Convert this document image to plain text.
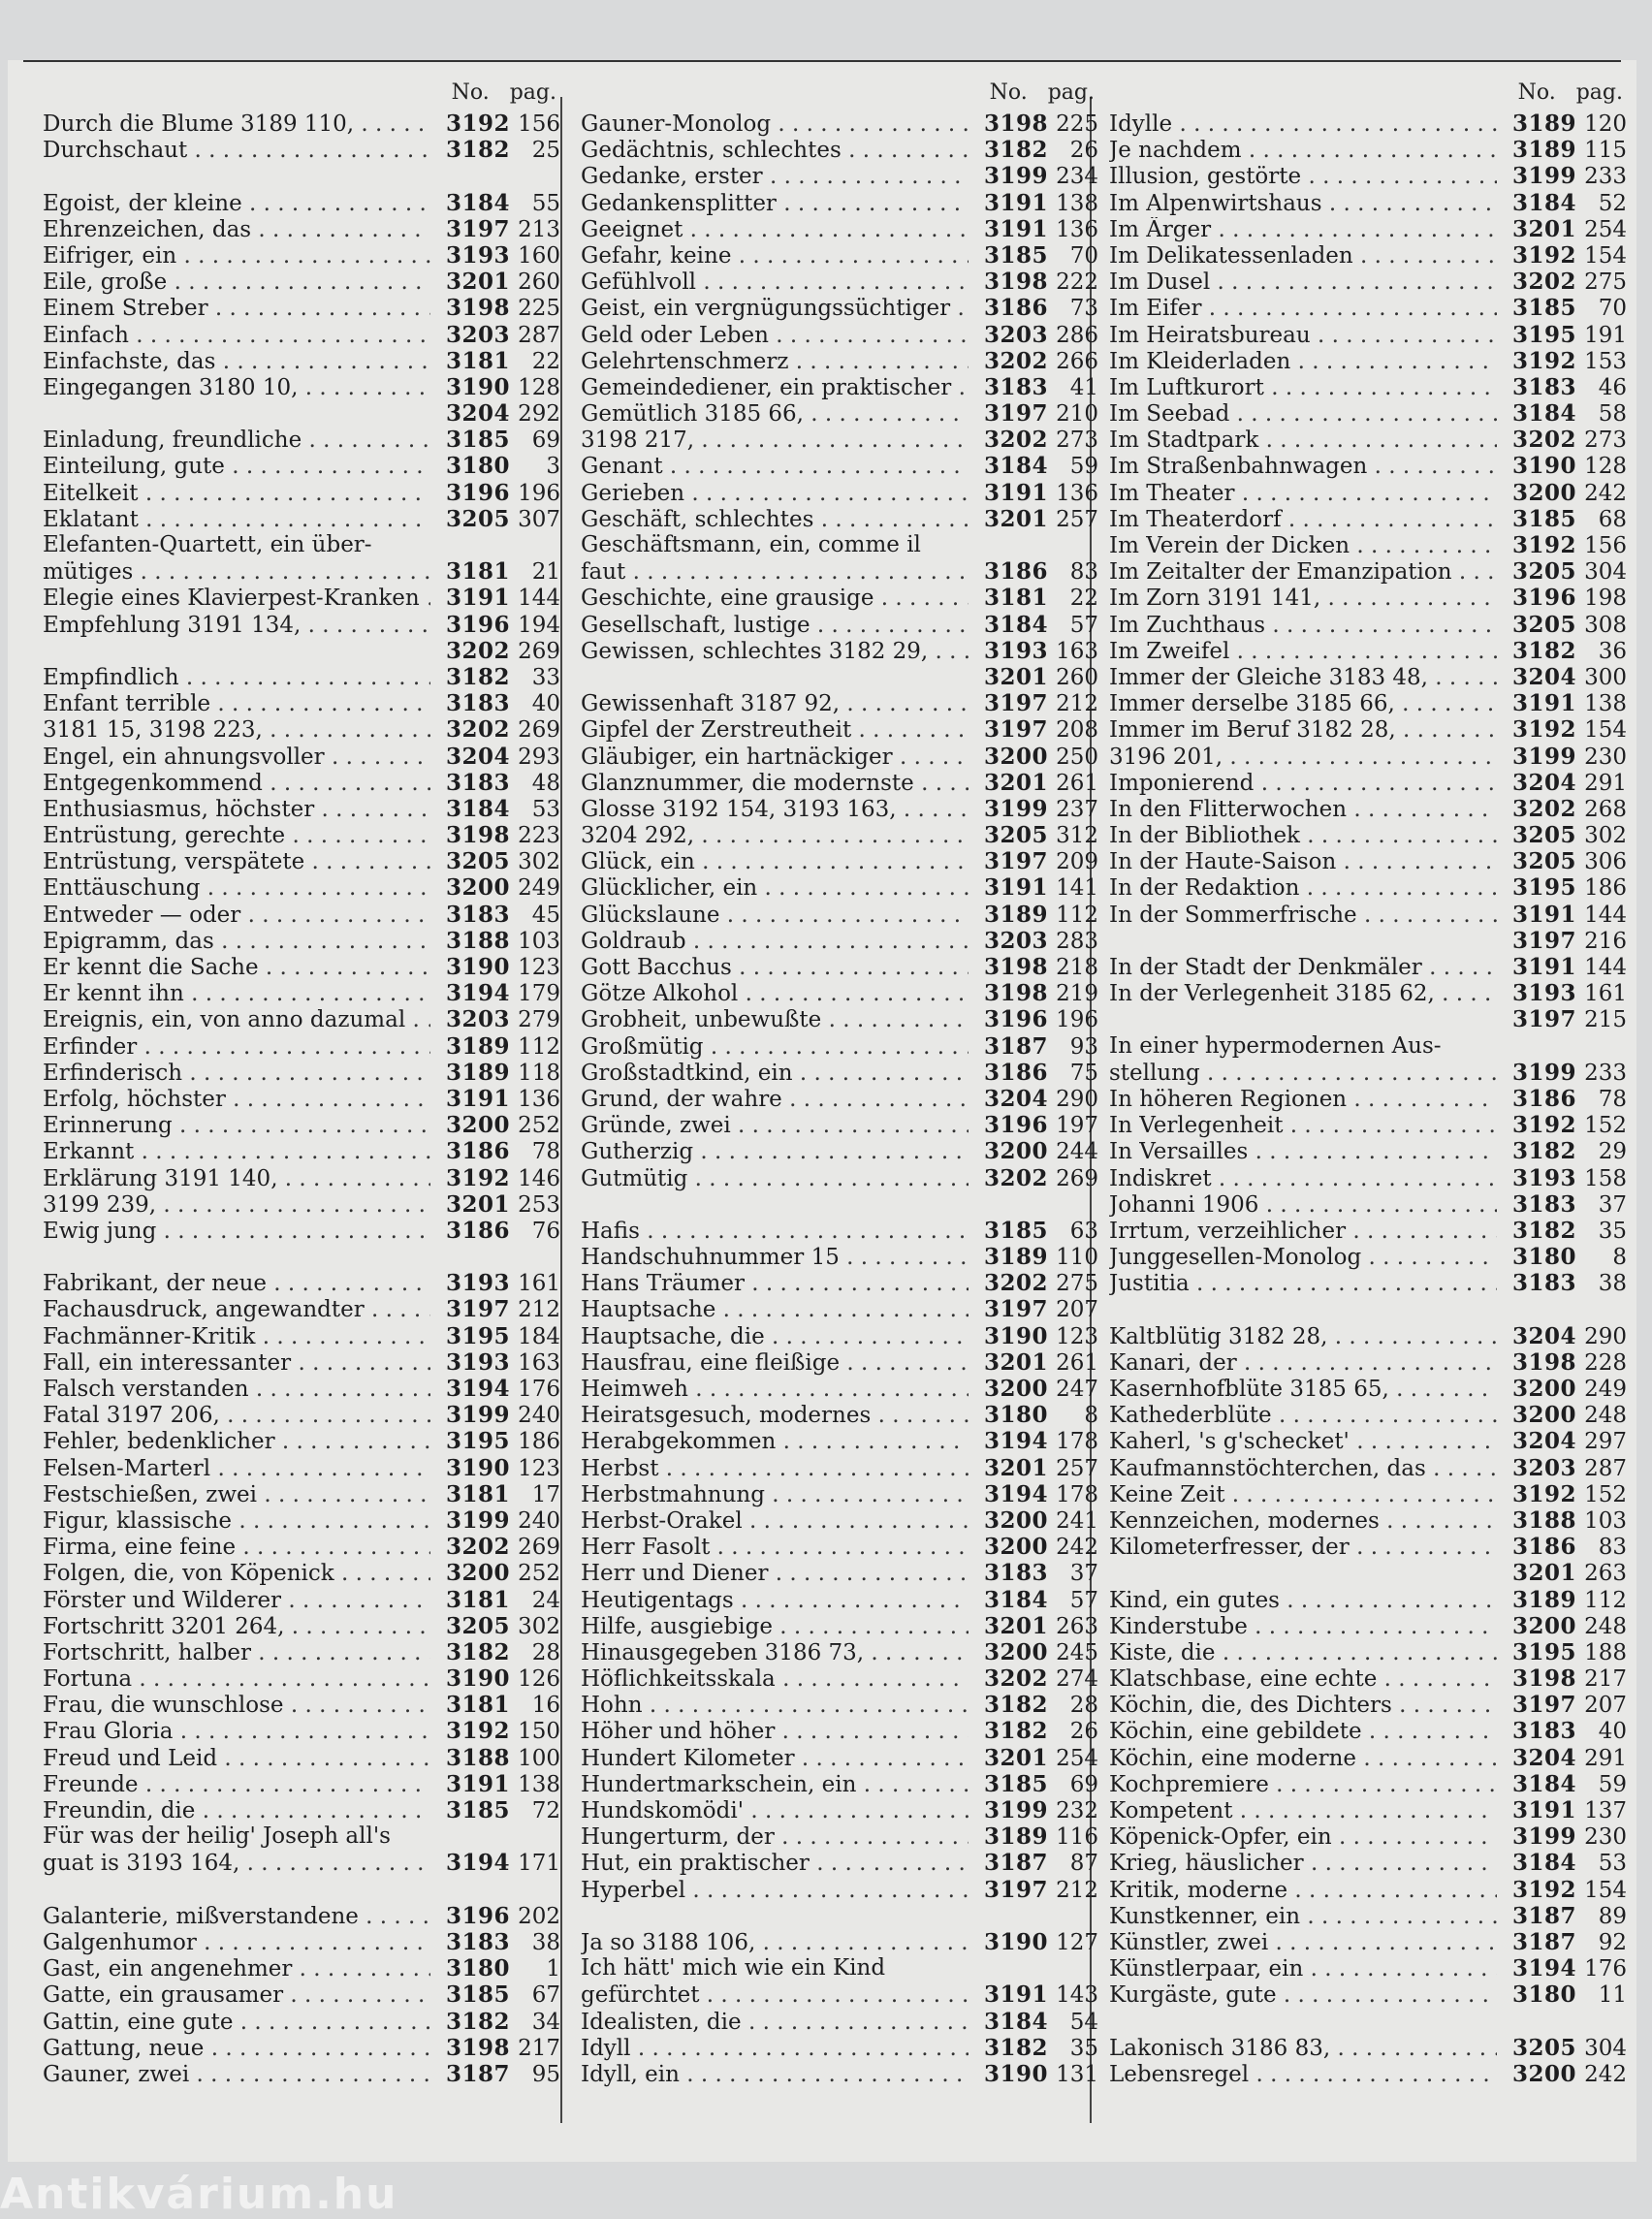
No. pag.
Durch die Blume 3189 110, . . .	3192 156
Durchschaut . . .	3182 25
Egoist, der kleine . . .	3184 55
Ehrenzeichen, das . . .	3197 213
Eifriger, ein . . .	3193 160
Eile, große . . .	3201 260
Einem Streber . . .	3198 225
Einfach . . .	3203 287
Einfachste, das . . .	3181 22
Eingegangen 3180 10, . . .	3190 128
3204 292
Einladung, freundliche . . .	3185 69
Einteilung, gute . . .	3180	3
Eitelkeit . . .	3196 196
Eklatant . . .	3205 307
Elefanten-Quartett, ein über-
mütiges . . .	3181 21
Elegie eines Klavierpest-Kranken . . .	3191 144
Empfehlung 3191 134, . . .	3196 194
3202 269
Empfindlich . . .	3182 33
Enfant terrible . . .	3183 40
3181 15, 3198 223, . . .	3202 269
Engel, ein ahnungsvoller . . .	3204 293
Entgegenkommend . . .	3183 48
Enthusiasmus, höchster . . .	3184 53
Entrüstung, gerechte . . .	3198 223
Entrüstung, verspätete . . .	3205 302
Enttäuschung . . .	3200 249
Entweder — oder . . .	3183 45
Epigramm, das . . .	3188 103
Er kennt die Sache . . .	3190 123
Er kennt ihn . . .	3194 179
Ereignis, ein, von anno dazumal . . .	3203 279
Erfinder . . .	3189 112
Erfinderisch . . .	3189 118
Erfolg, höchster . . .	3191 136
Erinnerung . . .	3200 252
Erkannt . . .	3186 78
Erklärung 3191 140, . . .	3192 146
3199 239, . . .	3201 253
Ewig jung . . .	3186 76
Fabrikant, der neue . . .	3193 161
Fachausdruck, angewandter . . .	3197 212
Fachmänner-Kritik . . .	3195 184
Fall, ein interessanter . . .	3193 163
Falsch verstanden . . .	3194 176
Fatal 3197 206, . . .	3199 240
Fehler, bedenklicher . . .	3195 186
Felsen-Marterl . . .	3190 123
Festschießen, zwei . . .	3181 17
Figur, klassische . . .	3199 240
Firma, eine feine . . .	3202 269
Folgen, die, von Köpenick . . .	3200 252
Förster und Wilderer . . .	3181 24
Fortschritt 3201 264, . . .	3205 302
Fortschritt, halber . . .	3182 28
Fortuna . . .	3190 126
Frau, die wunschlose . . .	3181 16
Frau Gloria . . .	3192 150
Freud und Leid . . .	3188 100
Freunde . . .	3191 138
Freundin, die . . .	3185 72
Für was der heilig' Joseph all's
guat is 3193 164, . . .	3194 171
Galanterie, mißverstandene . . .	3196 202
Galgenhumor . . .	3183 38
Gast, ein angenehmer . . .	3180	1
Gatte, ein grausamer . . .	3185 67
Gattin, eine gute . . .	3182 34
Gattung, neue . . .	3198 217
Gauner, zwei . . .	3187 95
No. pag.
Gauner-Monolog . . .	3198 225
Gedächtnis, schlechtes . . .	3182 26
Gedanke, erster . . .	3199 234
Gedankensplitter . . .	3191 138
Geeignet . . .	3191 136
Gefahr, keine . . .	3185 70
Gefühlvoll . . .	3198 222
Geist, ein vergnügungssüchtiger . . .	3186 73
Geld oder Leben . . .	3203 286
Gelehrtenschmerz . . .	3202 266
Gemeindediener, ein praktischer . . .	3183 41
Gemütlich 3185 66, . . .	3197 210
3198 217, . . .	3202 273
Genant . . .	3184 59
Gerieben . . .	3191 136
Geschäft, schlechtes . . .	3201 257
Geschäftsmann, ein, comme il
faut . . .	3186 83
Geschichte, eine grausige . . .	3181 22
Gesellschaft, lustige . . .	3184 57
Gewissen, schlechtes 3182 29, . . .	3193 163
3201 260
Gewissenhaft 3187 92, . . .	3197 212
Gipfel der Zerstreutheit . . .	3197 208
Gläubiger, ein hartnäckiger . . .	3200 250
Glanznummer, die modernste . . .	3201 261
Glosse 3192 154, 3193 163, . . .	3199 237
3204 292, . . .	3205 312
Glück, ein . . .	3197 209
Glücklicher, ein . . .	3191 141
Glückslaune . . .	3189 112
Goldraub . . .	3203 283
Gott Bacchus . . .	3198 218
Götze Alkohol . . .	3198 219
Grobheit, unbewußte . . .	3196 196
Großmütig . . .	3187 93
Großstadtkind, ein . . .	3186 75
Grund, der wahre . . .	3204 290
Gründe, zwei . . .	3196 197
Gutherzig . . .	3200 244
Gutmütig . . .	3202 269
Hafis . . .	3185 63
Handschuhnummer 15 . . .	3189 110
Hans Träumer . . .	3202 275
Hauptsache . . .	3197 207
Hauptsache, die . . .	3190 123
Hausfrau, eine fleißige . . .	3201 261
Heimweh . . .	3200 247
Heiratsgesuch, modernes . . .	3180	8
Herabgekommen . . .	3194 178
Herbst . . .	3201 257
Herbstmahnung . . .	3194 178
Herbst-Orakel . . .	3200 241
Herr Fasolt . . .	3200 242
Herr und Diener . . .	3183 37
Heutigentags . . .	3184 57
Hilfe, ausgiebige . . .	3201 263
Hinausgegeben 3186 73, . . .	3200 245
Höflichkeitsskala . . .	3202 274
Hohn . . .	3182 28
Höher und höher . . .	3182 26
Hundert Kilometer . . .	3201 254
Hundertmarkschein, ein . . .	3185 69
Hundskomödi' . . .	3199 232
Hungerturm, der . . .	3189 116
Hut, ein praktischer . . .	3187 87
Hyperbel . . .	3197 212
Ja so 3188 106, . . .	3190 127
Ich hätt' mich wie ein Kind
gefürchtet . . .	3191 143
Idealisten, die . . .	3184 54
Idyll . . .	3182 35
Idyll, ein . . .	3190 131
No. pag.
Idylle . . .	3189 120
Je nachdem . . .	3189 115
Illusion, gestörte . . .	3199 233
Im Alpenwirtshaus . . .	3184 52
Im Ärger . . .	3201 254
Im Delikatessenladen . . .	3192 154
Im Dusel . . .	3202 275
Im Eifer . . .	3185 70
Im Heiratsbureau . . .	3195 191
Im Kleiderladen . . .	3192 153
Im Luftkurort . . .	3183 46
Im Seebad . . .	3184 58
Im Stadtpark . . .	3202 273
Im Straßenbahnwagen . . .	3190 128
Im Theater . . .	3200 242
Im Theaterdorf . . .	3185 68
Im Verein der Dicken . . .	3192 156
Im Zeitalter der Emanzipation . . .	3205 304
Im Zorn 3191 141, . . .	3196 198
Im Zuchthaus . . .	3205 308
Im Zweifel . . .	3182 36
Immer der Gleiche 3183 48, . . .	3204 300
Immer derselbe 3185 66, . . .	3191 138
Immer im Beruf 3182 28, . . .	3192 154
3196 201, . . .	3199 230
Imponierend . . .	3204 291
In den Flitterwochen . . .	3202 268
In der Bibliothek . . .	3205 302
In der Haute-Saison . . .	3205 306
In der Redaktion . . .	3195 186
In der Sommerfrische . . .	3191 144
3197 216
In der Stadt der Denkmäler . . .	3191 144
In der Verlegenheit 3185 62, . . .	3193 161
3197 215
In einer hypermodernen Aus-
stellung . . .	3199 233
In höheren Regionen . . .	3186 78
In Verlegenheit . . .	3192 152
In Versailles . . .	3182 29
Indiskret . . .	3193 158
Johanni 1906 . . .	3183 37
Irrtum, verzeihlicher . . .	3182 35
Junggesellen-Monolog . . .	3180	8
Justitia . . .	3183 38
Kaltblütig 3182 28, . . .	3204 290
Kanari, der . . .	3198 228
Kasernhofblüte 3185 65, . . .	3200 249
Kathederblüte . . .	3200 248
Kaherl, 's g'schecket' . . .	3204 297
Kaufmannstöchterchen, das . . .	3203 287
Keine Zeit . . .	3192 152
Kennzeichen, modernes . . .	3188 103
Kilometerfresser, der . . .	3186 83
3201 263
Kind, ein gutes . . .	3189 112
Kinderstube . . .	3200 248
Kiste, die . . .	3195 188
Klatschbase, eine echte . . .	3198 217
Köchin, die, des Dichters . . .	3197 207
Köchin, eine gebildete . . .	3183 40
Köchin, eine moderne . . .	3204 291
Kochpremiere . . .	3184 59
Kompetent . . .	3191 137
Köpenick-Opfer, ein . . .	3199 230
Krieg, häuslicher . . .	3184 53
Kritik, moderne . . .	3192 154
Kunstkenner, ein . . .	3187 89
Künstler, zwei . . .	3187 92
Künstlerpaar, ein . . .	3194 176
Kurgäste, gute . . .	3180 11
Lakonisch 3186 83, . . .	3205 304
Lebensregel . . .	3200 242
Antikvárium.hu
